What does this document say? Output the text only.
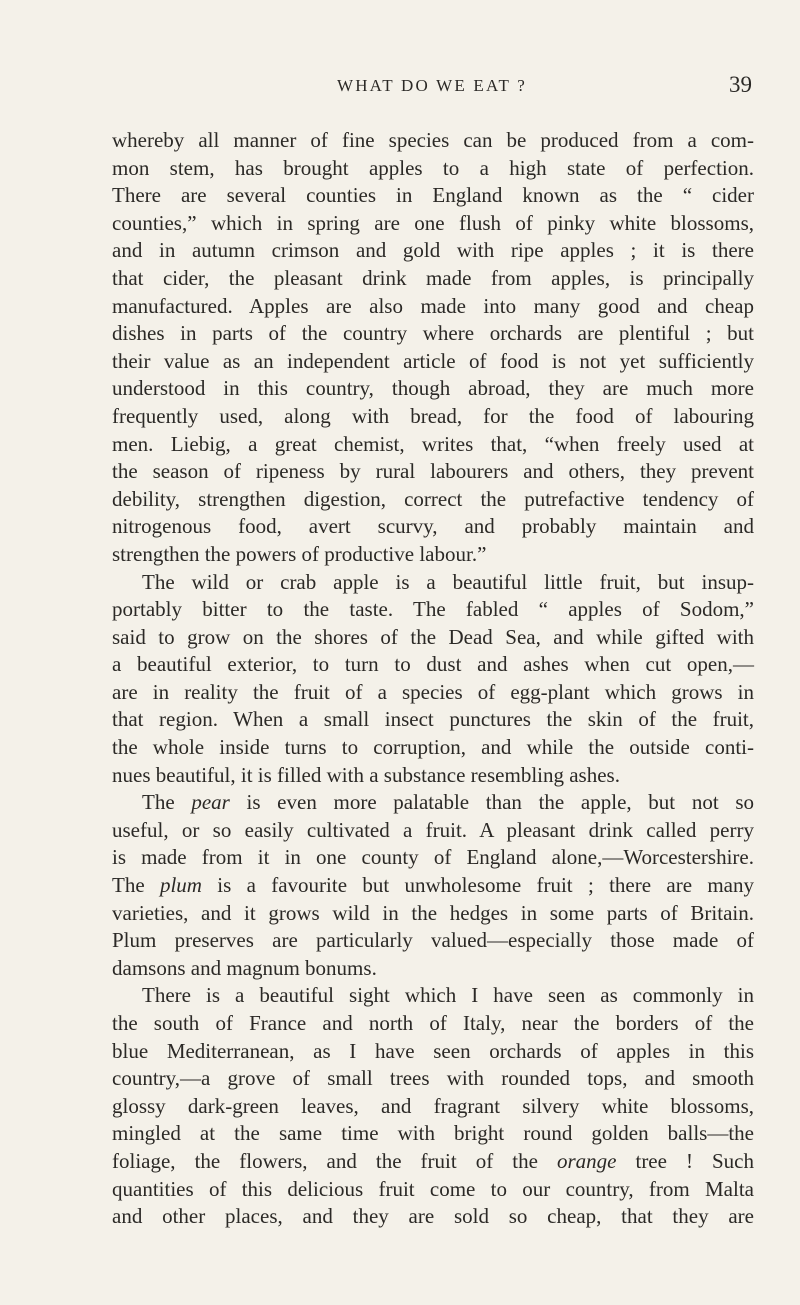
WHAT DO WE EAT ?	39
whereby all manner of fine species can be produced from a com-
mon stem, has brought apples to a high state of perfection.
There are several counties in England known as the “ cider
counties,” which in spring are one flush of pinky white blossoms,
and in autumn crimson and gold with ripe apples ; it is there
that cider, the pleasant drink made from apples, is principally
manufactured. Apples are also made into many good and cheap
dishes in parts of the country where orchards are plentiful ; but
their value as an independent article of food is not yet sufficiently
understood in this country, though abroad, they are much more
frequently used, along with bread, for the food of labouring
men. Liebig, a great chemist, writes that, “when freely used at
the season of ripeness by rural labourers and others, they prevent
debility, strengthen digestion, correct the putrefactive tendency of
nitrogenous food, avert scurvy, and probably maintain and
strengthen the powers of productive labour.”
The wild or crab apple is a beautiful little fruit, but insup-
portably bitter to the taste. The fabled “ apples of Sodom,”
said to grow on the shores of the Dead Sea, and while gifted with
a beautiful exterior, to turn to dust and ashes when cut open,—
are in reality the fruit of a species of egg-plant which grows in
that region. When a small insect punctures the skin of the fruit,
the whole inside turns to corruption, and while the outside conti-
nues beautiful, it is filled with a substance resembling ashes.
The pear is even more palatable than the apple, but not so
useful, or so easily cultivated a fruit. A pleasant drink called perry
is made from it in one county of England alone,—Worcestershire.
The plum is a favourite but unwholesome fruit ; there are many
varieties, and it grows wild in the hedges in some parts of Britain.
Plum preserves are particularly valued—especially those made of
damsons and magnum bonums.
There is a beautiful sight which I have seen as commonly in
the south of France and north of Italy, near the borders of the
blue Mediterranean, as I have seen orchards of apples in this
country,—a grove of small trees with rounded tops, and smooth
glossy dark-green leaves, and fragrant silvery white blossoms,
mingled at the same time with bright round golden balls—the
foliage, the flowers, and the fruit of the orange tree ! Such
quantities of this delicious fruit come to our country, from Malta
and other places, and they are sold so cheap, that they are
